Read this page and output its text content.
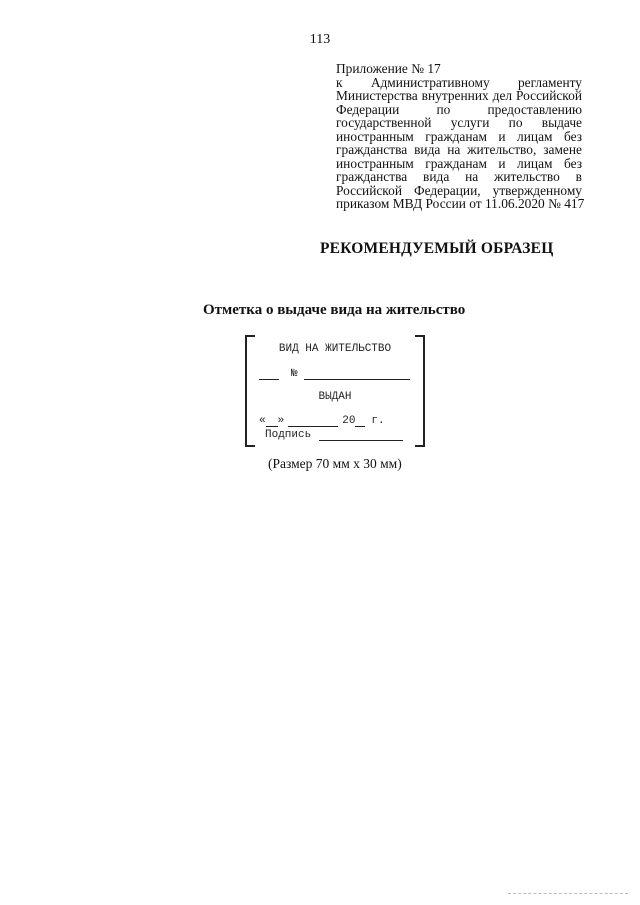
113
Приложение № 17
к Административному регламенту
Министерства внутренних дел Российской
Федерации по предоставлению
государственной услуги по выдаче
иностранным гражданам и лицам без
гражданства вида на жительство, замене
иностранным гражданам и лицам без
гражданства вида на жительство в
Российской Федерации, утвержденному
приказом МВД России от 11.06.2020 № 417
РЕКОМЕНДУЕМЫЙ ОБРАЗЕЦ
Отметка о выдаче вида на жительство
ВИД НА ЖИТЕЛЬСТВО
№
ВЫДАН
« »	20 г.
Подпись
(Размер 70 мм x 30 мм)
